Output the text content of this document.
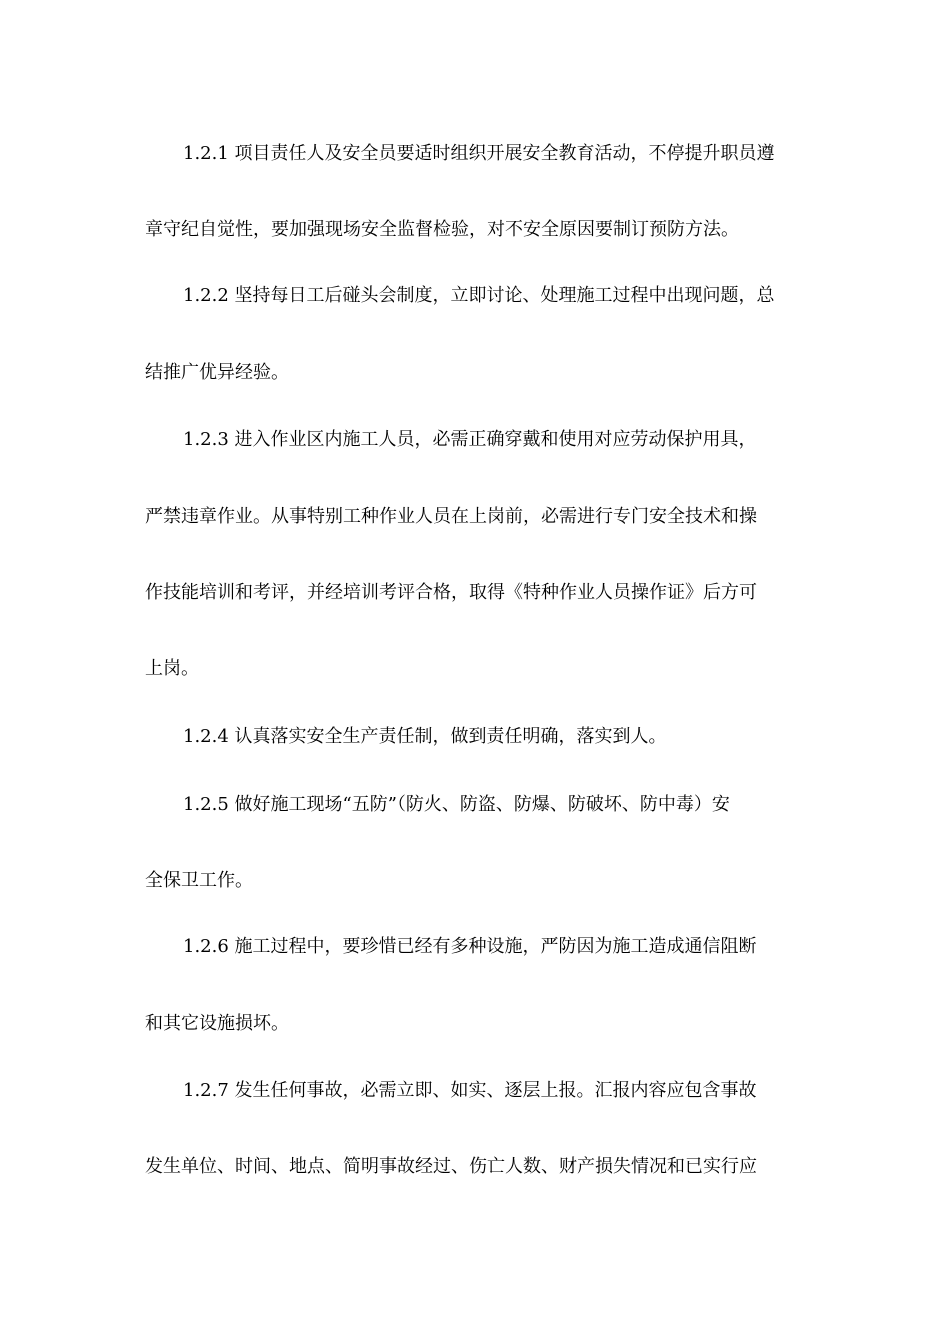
1.2.1 项目责任人及安全员要适时组织开展安全教育活动，不停提升职员遵

章守纪自觉性，要加强现场安全监督检验，对不安全原因要制订预防方法。

1.2.2 坚持每日工后碰头会制度，立即讨论、处理施工过程中出现问题，总

结推广优异经验。

1.2.3 进入作业区内施工人员，必需正确穿戴和使用对应劳动保护用具，

严禁违章作业。从事特别工种作业人员在上岗前，必需进行专门安全技术和操

作技能培训和考评，并经培训考评合格，取得《特种作业人员操作证》后方可

上岗。

1.2.4 认真落实安全生产责任制，做到责任明确，落实到人。

1.2.5 做好施工现场“五防”（防火、防盗、防爆、防破坏、防中毒）安

全保卫工作。

1.2.6 施工过程中，要珍惜已经有多种设施，严防因为施工造成通信阻断

和其它设施损坏。

1.2.7 发生任何事故，必需立即、如实、逐层上报。汇报内容应包含事故

发生单位、时间、地点、简明事故经过、伤亡人数、财产损失情况和已实行应
